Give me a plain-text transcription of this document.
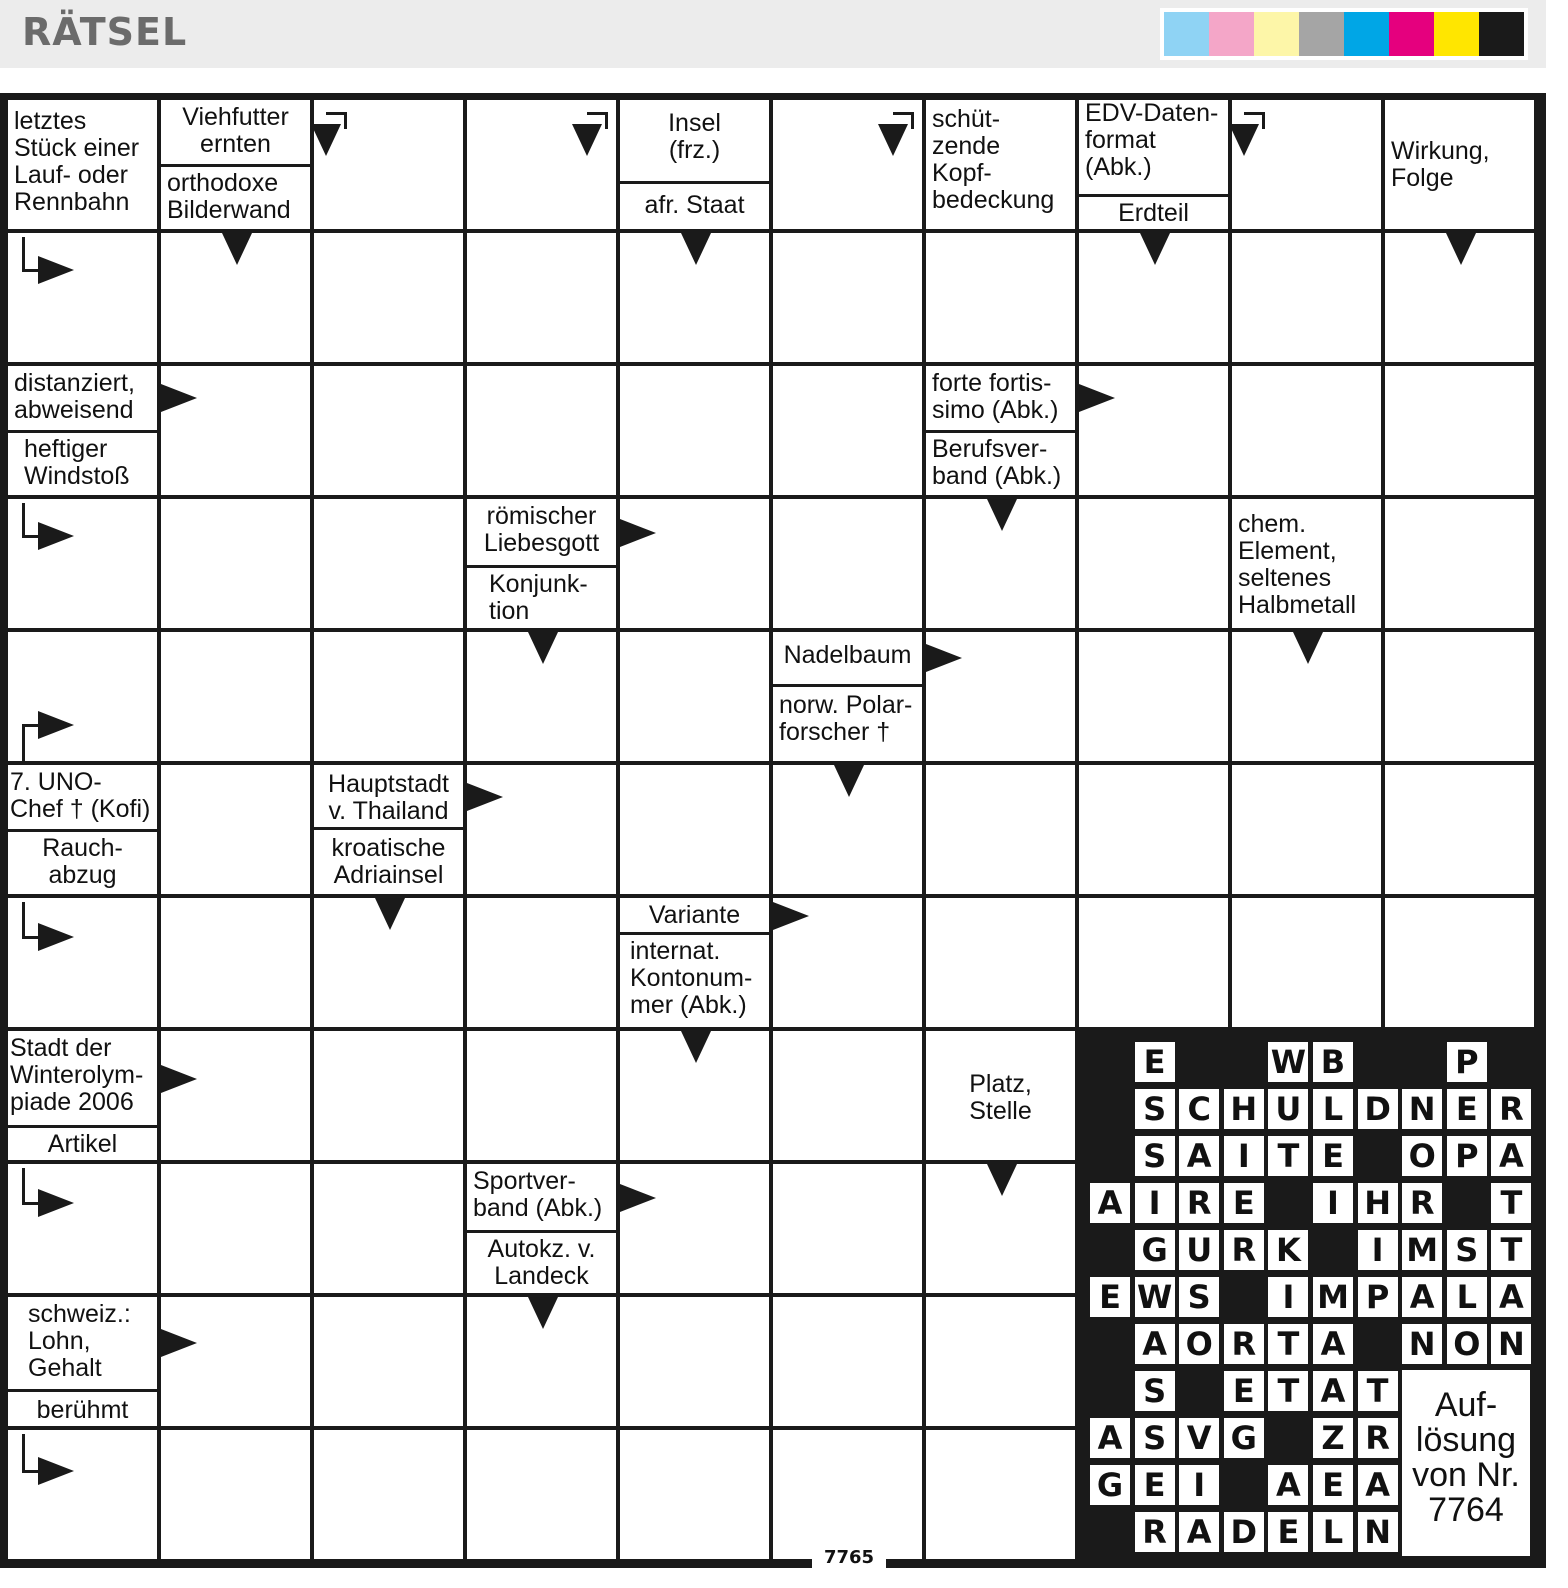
RÄTSEL
letztes
Stück einer
Lauf- oder
Rennbahn
Viehfutter
ernten
orthodoxe
Bilderwand
Insel
(frz.)
afr. Staat
schüt-
zende
Kopf-
bedeckung
EDV-Daten-
format
(Abk.)
Erdteil
Wirkung,
Folge
distanziert,
abweisend
heftiger
Windstoß
forte fortis-
simo (Abk.)
Berufsver-
band (Abk.)
römischer
Liebesgott
Konjunk-
tion
chem.
Element,
seltenes
Halbmetall
Nadelbaum
norw. Polar-
forscher †
7. UNO-
Chef † (Kofi)
Rauch-
abzug
Hauptstadt
v. Thailand
kroatische
Adriainsel
Variante
internat.
Kontonum-
mer (Abk.)
Stadt der
Winterolym-
piade 2006
Artikel
Platz,
Stelle
Sportver-
band (Abk.)
Autokz. v.
Landeck
schweiz.:
Lohn,
Gehalt
berühmt
E	W B	P
S C H U L D N E R
S A I T E O P A
A I R E	I H R T
G U R K	I M S T
E W S	I M P A L A
A O R T A N O N
S E T A T
A S V G Z R
G E I	A E A
R A D E L N
Auf-
lösung
von Nr.
7764
7765
